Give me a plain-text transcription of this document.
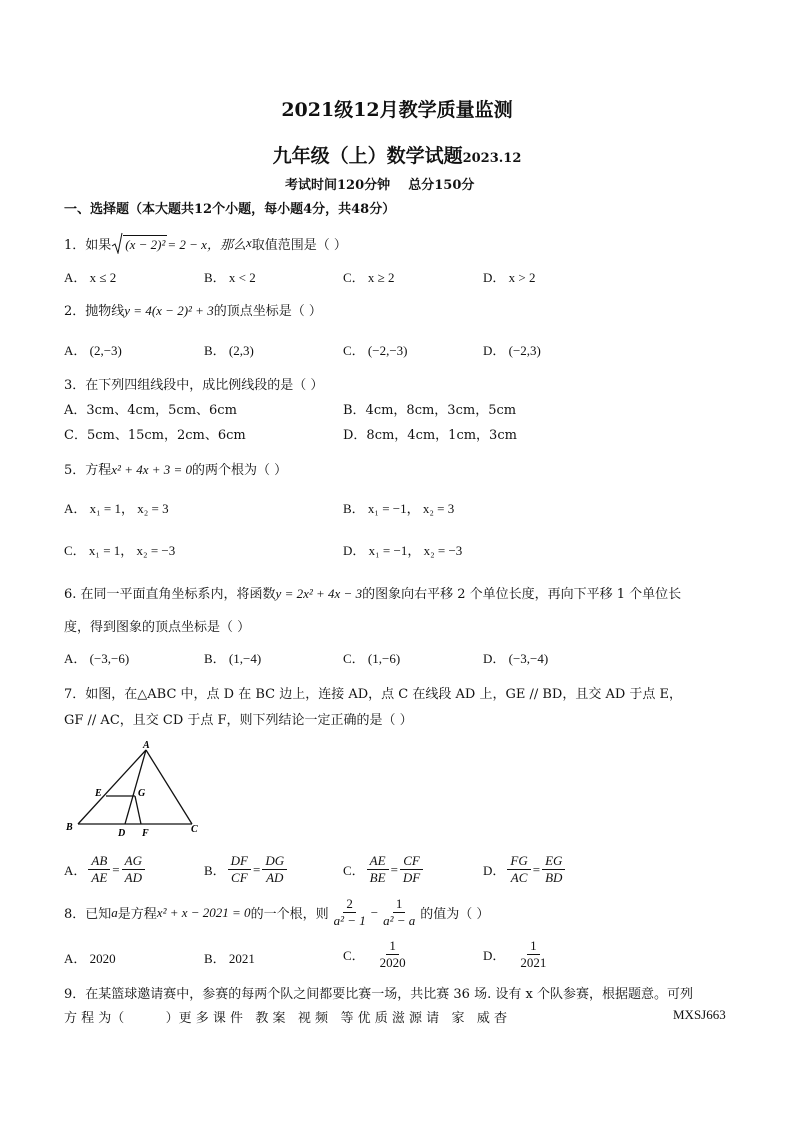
2021级12月教学质量监测
九年级（上）数学试题2023.12
考试时间120分钟    总分150分
一、选择题（本大题共12个小题，每小题4分，共48分）
1．如果 (x − 2)² = 2 − x，那么 x 取值范围是（ ）
A． x ≤ 2	B． x < 2	C． x ≥ 2	D． x > 2
2．抛物线y = 4(x − 2)² + 3的顶点坐标是（ ）
A． (2,−3)	B． (2,3)	C． (−2,−3)	D． (−2,3)
3．在下列四组线段中，成比例线段的是（ ）
A．3cm、4cm，5cm、6cm	B．4cm，8cm，3cm，5cm
C．5cm、15cm，2cm、6cm	D．8cm，4cm，1cm，3cm
5．方程x² + 4x + 3 = 0的两个根为（ ）
A． x₁ = 1， x₂ = 3	B． x₁ = −1， x₂ = 3
C． x₁ = 1， x₂ = −3	D． x₁ = −1， x₂ = −3
6. 在同一平面直角坐标系内，将函数y = 2x² + 4x − 3的图象向右平移 2 个单位长度，再向下平移 1 个单位长
度，得到图象的顶点坐标是（ ）
A． (−3,−6)	B． (1,−4)	C． (1,−6)	D． (−3,−4)
7．如图，在△ABC 中，点 D 在 BC 边上，连接 AD，点 C 在线段 AD 上，GE // BD，且交 AD 于点 E，
GF // AC，且交 CD 于点 F，则下列结论一定正确的是（ ）
A
E	G
B
D F	C
A． $\frac{AB}{AE} = \frac{AG}{AD}$	B． $\frac{DF}{CF} = \frac{DG}{AD}$	C． $\frac{AE}{BE} = \frac{CF}{DF}$	D． $\frac{FG}{AC} = \frac{EG}{BD}$
8．已知 a 是方程 x² + x − 2021 = 0 的一个根，则 $\frac{2}{\text{a² − 1}} - \frac{1}{\text{a² − a}}$ 的值为（ ）
A． 2020	B． 2021	C． $\frac{1}{2020}$	D． $\frac{1}{2021}$
9．在某篮球邀请赛中，参赛的每两个队之间都要比赛一场，共比赛 36 场. 设有 x 个队参赛，根据题意。可列
方 程 为（          ）更 多 课 件   教 案   视 频   等 优 质 滋 源 请   家   威 杳	MXSJ663
